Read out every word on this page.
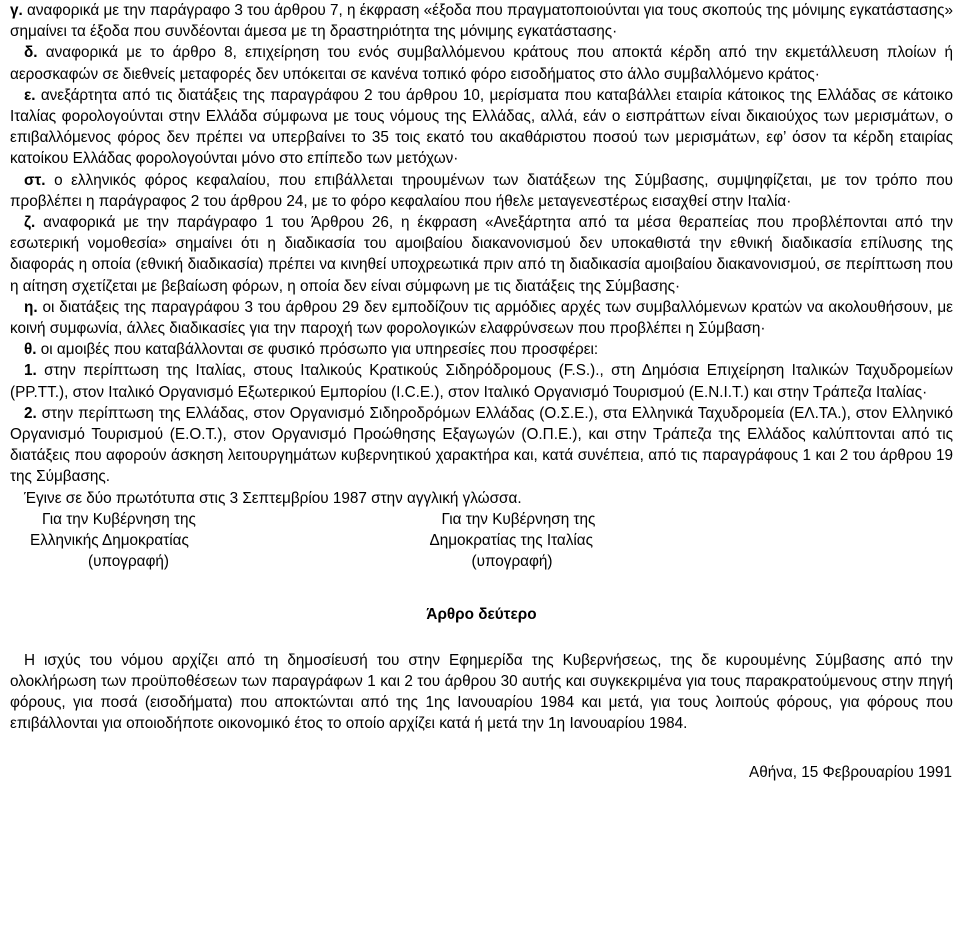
γ. αναφορικά με την παράγραφο 3 του άρθρου 7, η έκφραση «έξοδα που πραγματοποιούνται για τους σκοπούς της μόνιμης εγκατάστασης» σημαίνει τα έξοδα που συνδέονται άμεσα με τη δραστηριότητα της μόνιμης εγκατάστασης·

δ. αναφορικά με το άρθρο 8, επιχείρηση του ενός συμβαλλόμενου κράτους που αποκτά κέρδη από την εκμετάλλευση πλοίων ή αεροσκαφών σε διεθνείς μεταφορές δεν υπόκειται σε κανένα τοπικό φόρο εισοδήματος στο άλλο συμβαλλόμενο κράτος·

ε. ανεξάρτητα από τις διατάξεις της παραγράφου 2 του άρθρου 10, μερίσματα που καταβάλλει εταιρία κάτοικος της Ελλάδας σε κάτοικο Ιταλίας φορολογούνται στην Ελλάδα σύμφωνα με τους νόμους της Ελλάδας, αλλά, εάν ο εισπράττων είναι δικαιούχος των μερισμάτων, ο επιβαλλόμενος φόρος δεν πρέπει να υπερβαίνει το 35 τοις εκατό του ακαθάριστου ποσού των μερισμάτων, εφ’ όσον τα κέρδη εταιρίας κατοίκου Ελλάδας φορολογούνται μόνο στο επίπεδο των μετόχων·

στ. ο ελληνικός φόρος κεφαλαίου, που επιβάλλεται τηρουμένων των διατάξεων της Σύμβασης, συμψηφίζεται, με τον τρόπο που προβλέπει η παράγραφος 2 του άρθρου 24, με το φόρο κεφαλαίου που ήθελε μεταγενεστέρως εισαχθεί στην Ιταλία·

ζ. αναφορικά με την παράγραφο 1 του Άρθρου 26, η έκφραση «Ανεξάρτητα από τα μέσα θεραπείας που προβλέπονται από την εσωτερική νομοθεσία» σημαίνει ότι η διαδικασία του αμοιβαίου διακανονισμού δεν υποκαθιστά την εθνική διαδικασία επίλυσης της διαφοράς η οποία (εθνική διαδικασία) πρέπει να κινηθεί υποχρεωτικά πριν από τη διαδικασία αμοιβαίου διακανονισμού, σε περίπτωση που η αίτηση σχετίζεται με βεβαίωση φόρων, η οποία δεν είναι σύμφωνη με τις διατάξεις της Σύμβασης·

η. οι διατάξεις της παραγράφου 3 του άρθρου 29 δεν εμποδίζουν τις αρμόδιες αρχές των συμβαλλόμενων κρατών να ακολουθήσουν, με κοινή συμφωνία, άλλες διαδικασίες για την παροχή των φορολογικών ελαφρύνσεων που προβλέπει η Σύμβαση·

θ. οι αμοιβές που καταβάλλονται σε φυσικό πρόσωπο για υπηρεσίες που προσφέρει:

1. στην περίπτωση της Ιταλίας, στους Ιταλικούς Κρατικούς Σιδηρόδρομους (F.S.)., στη Δημόσια Επιχείρηση Ιταλικών Ταχυδρομείων (PP.TT.), στον Ιταλικό Οργανισμό Εξωτερικού Εμπορίου (I.C.E.), στον Ιταλικό Οργανισμό Τουρισμού (E.N.I.T.) και στην Τράπεζα Ιταλίας·

2. στην περίπτωση της Ελλάδας, στον Οργανισμό Σιδηροδρόμων Ελλάδας (Ο.Σ.Ε.), στα Ελληνικά Ταχυδρομεία (ΕΛ.ΤΑ.), στον Ελληνικό Οργανισμό Τουρισμού (Ε.Ο.Τ.), στον Οργανισμό Προώθησης Εξαγωγών (Ο.Π.Ε.), και στην Τράπεζα της Ελλάδος καλύπτονται από τις διατάξεις που αφορούν άσκηση λειτουργημάτων κυβερνητικού χαρακτήρα και, κατά συνέπεια, από τις παραγράφους 1 και 2 του άρθρου 19 της Σύμβασης.

Έγινε σε δύο πρωτότυπα στις 3 Σεπτεμβρίου 1987 στην αγγλική γλώσσα.

Για την Κυβέρνηση της
Ελληνικής Δημοκρατίας
(υπογραφή)
Για την Κυβέρνηση της
Δημοκρατίας της Ιταλίας
(υπογραφή)

Άρθρο δεύτερο

Η ισχύς του νόμου αρχίζει από τη δημοσίευσή του στην Εφημερίδα της Κυβερνήσεως, της δε κυρουμένης Σύμβασης από την ολοκλήρωση των προϋποθέσεων των παραγράφων 1 και 2 του άρθρου 30 αυτής και συγκεκριμένα για τους παρακρατούμενους στην πηγή φόρους, για ποσά (εισοδήματα) που αποκτώνται από της 1ης Ιανουαρίου 1984 και μετά, για τους λοιπούς φόρους, για φόρους που επιβάλλονται για οποιοδήποτε οικονομικό έτος το οποίο αρχίζει κατά ή μετά την 1η Ιανουαρίου 1984.

Αθήνα, 15 Φεβρουαρίου 1991
